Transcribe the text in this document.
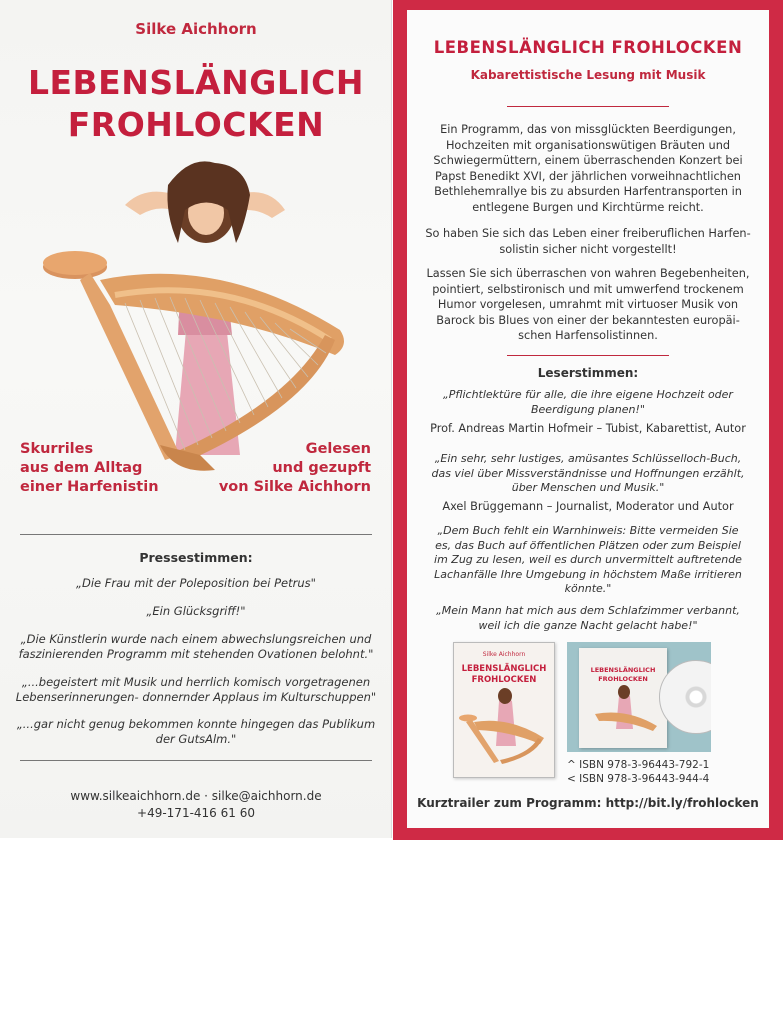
Silke Aichhorn
LEBENSLÄNGLICH
FROHLOCKEN
Skurriles
aus dem Alltag
einer Harfenistin
Gelesen
und gezupft
von Silke Aichhorn
Pressestimmen:
„Die Frau mit der Poleposition bei Petrus"
„Ein Glücksgriff!"
„Die Künstlerin wurde nach einem abwechslungsreichen und
faszinierenden Programm mit stehenden Ovationen belohnt."
„...begeistert mit Musik und herrlich komisch vorgetragenen
Lebenserinnerungen- donnernder Applaus im Kulturschuppen"
„...gar nicht genug bekommen konnte hingegen das Publikum
der GutsAlm."
www.silkeaichhorn.de · silke@aichhorn.de
+49-171-416 61 60
LEBENSLÄNGLICH FROHLOCKEN
Kabarettistische Lesung mit Musik
Ein Programm, das von missglückten Beerdigungen,
Hochzeiten mit organisationswütigen Bräuten und
Schwiegermüttern, einem überraschenden Konzert bei
Papst Benedikt XVI, der jährlichen vorweihnachtlichen
Bethlehemrallye bis zu absurden Harfentransporten in
entlegene Burgen und Kirchtürme reicht.
So haben Sie sich das Leben einer freiberuflichen Harfen-
solistin sicher nicht vorgestellt!
Lassen Sie sich überraschen von wahren Begebenheiten,
pointiert, selbstironisch und mit umwerfend trockenem
Humor vorgelesen, umrahmt mit virtuoser Musik von
Barock bis Blues von einer der bekanntesten europäi-
schen Harfensolistinnen.
Leserstimmen:
„Pflichtlektüre für alle, die ihre eigene Hochzeit oder
Beerdigung planen!"
Prof. Andreas Martin Hofmeir – Tubist, Kabarettist, Autor
„Ein sehr, sehr lustiges, amüsantes Schlüsselloch-Buch,
das viel über Missverständnisse und Hoffnungen erzählt,
über Menschen und Musik."
Axel Brüggemann – Journalist, Moderator und Autor
„Dem Buch fehlt ein Warnhinweis: Bitte vermeiden Sie
es, das Buch auf öffentlichen Plätzen oder zum Beispiel
im Zug zu lesen, weil es durch unvermittelt auftretende
Lachanfälle Ihre Umgebung in höchstem Maße irritieren
könnte."
„Mein Mann hat mich aus dem Schlafzimmer verbannt,
weil ich die ganze Nacht gelacht habe!"
Silke Aichhorn
LEBENSLÄNGLICH
FROHLOCKEN
LEBENSLÄNGLICH
FROHLOCKEN
^ ISBN 978-3-96443-792-1
< ISBN 978-3-96443-944-4
Kurztrailer zum Programm: http://bit.ly/frohlocken
